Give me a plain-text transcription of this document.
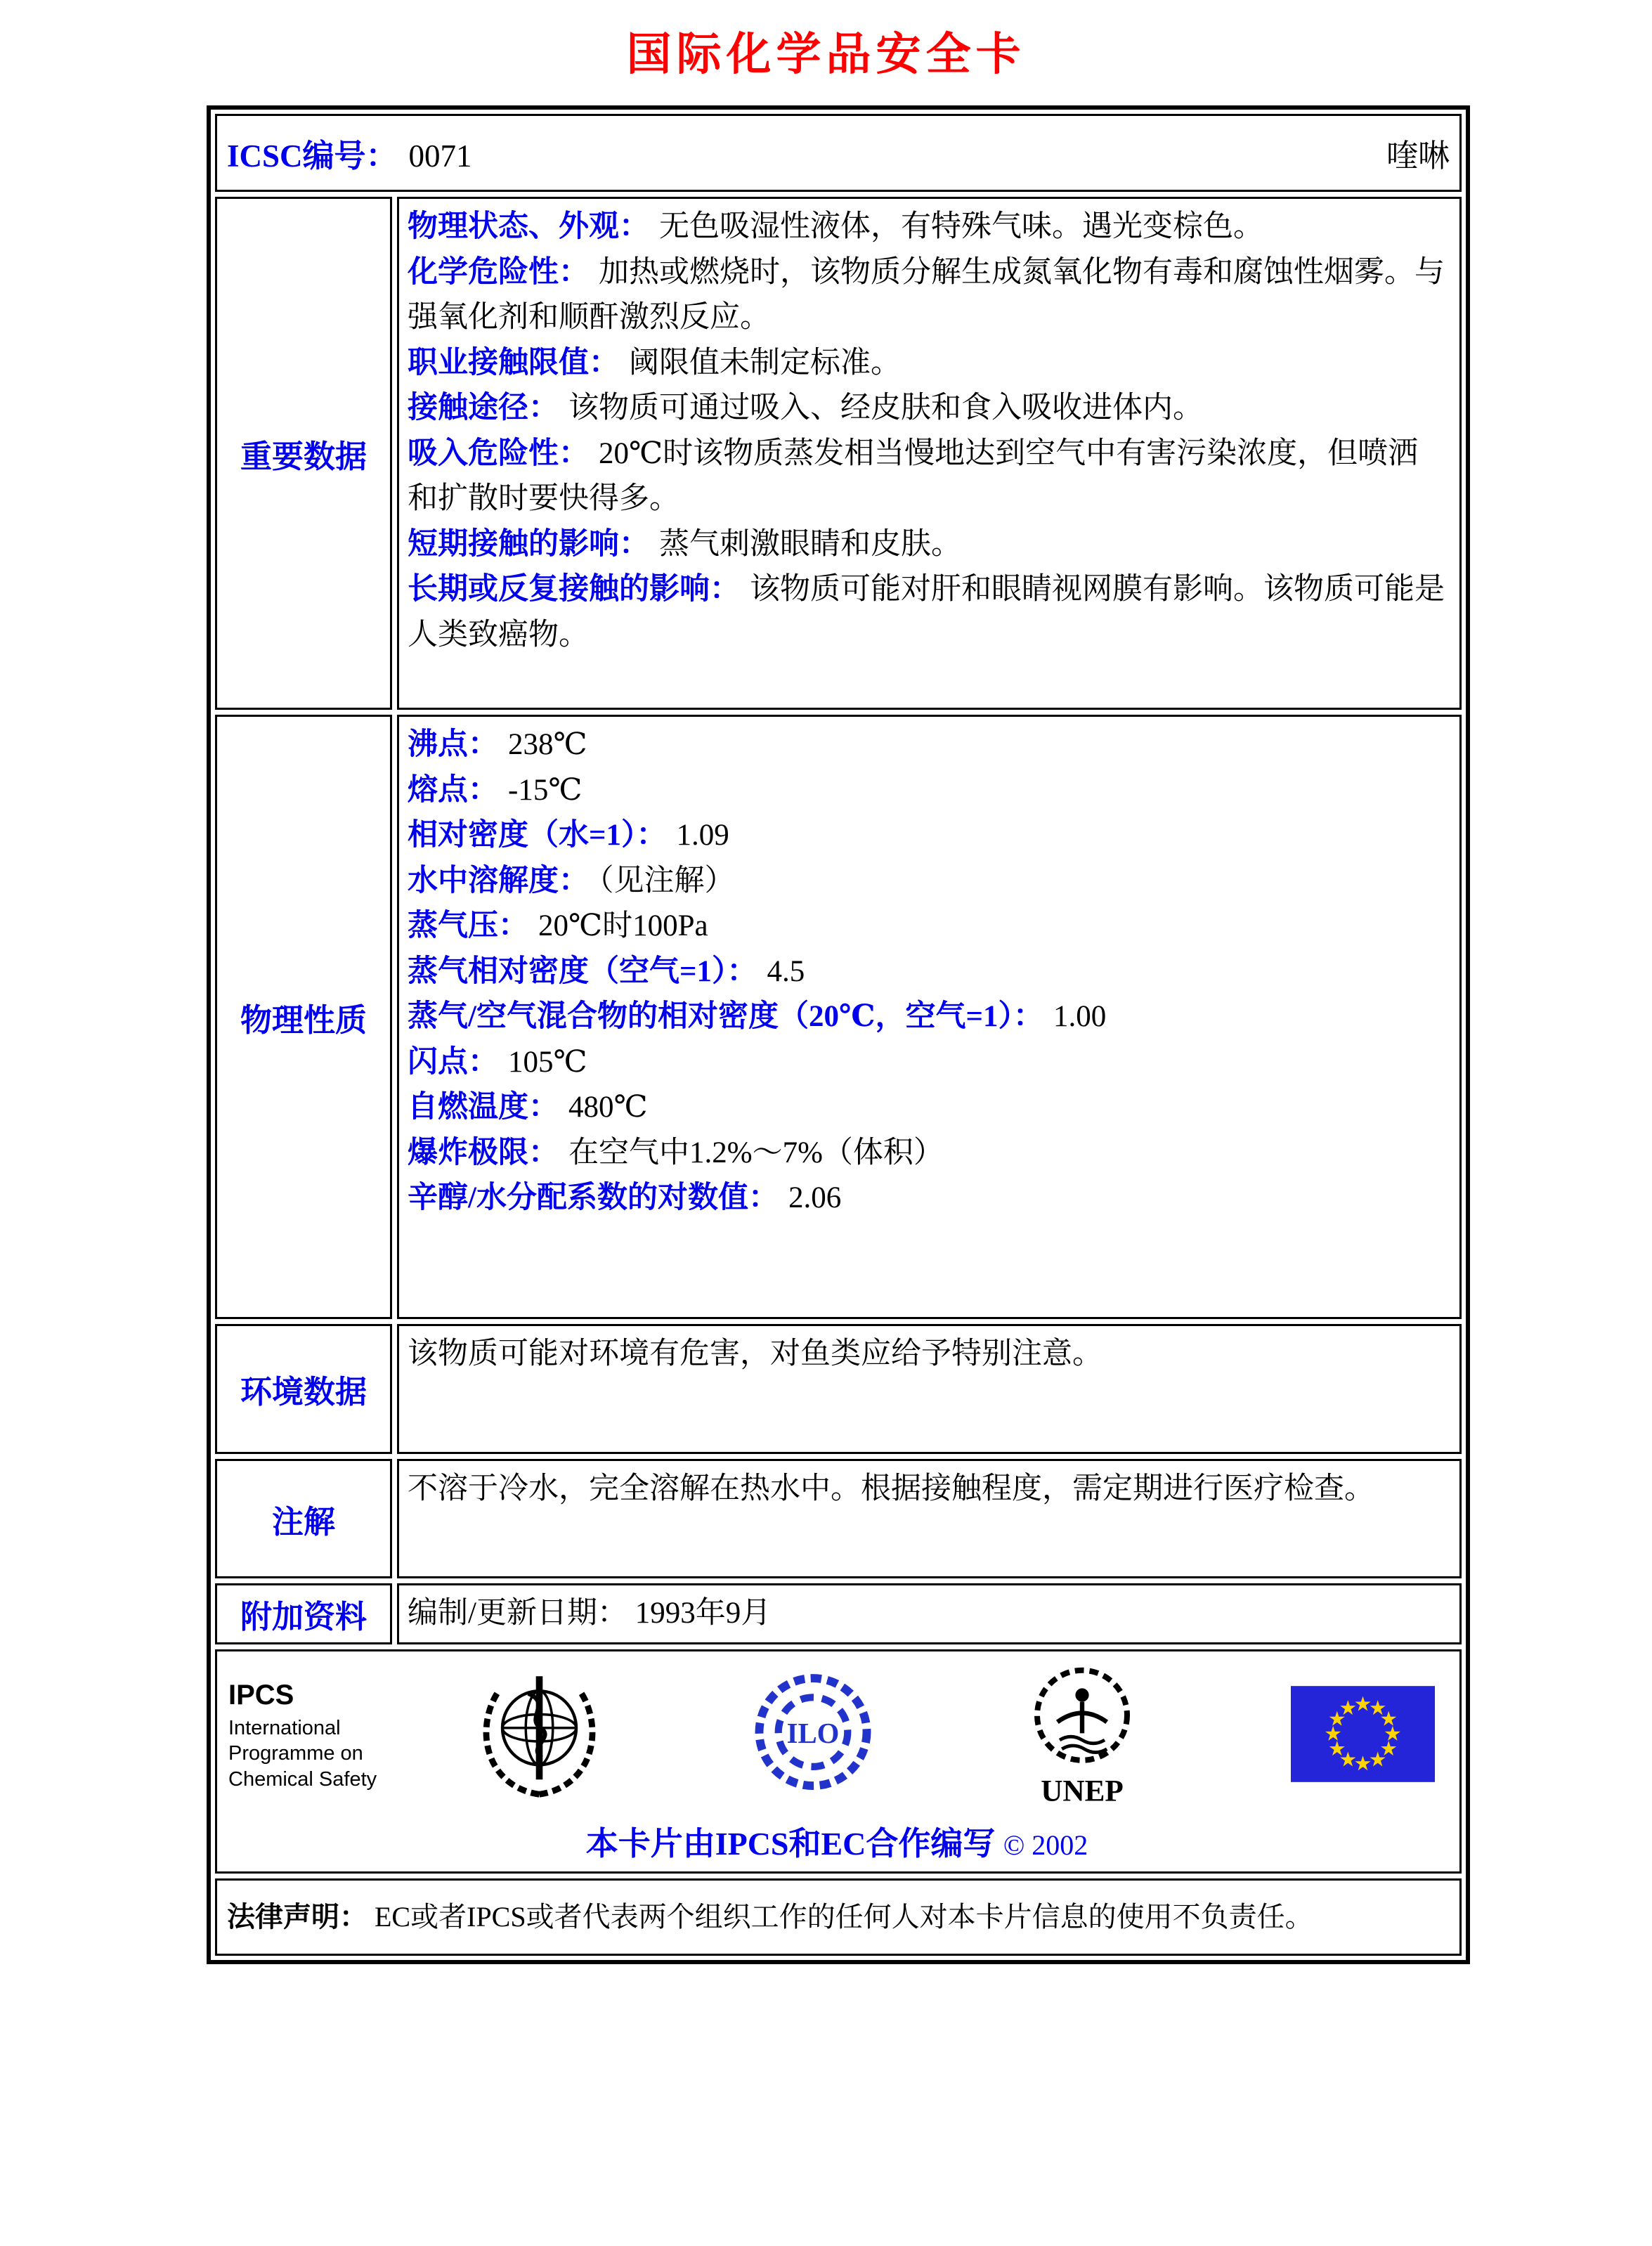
国际化学品安全卡
ICSC编号： 0071	喹啉
重要数据
物理状态、外观： 无色吸湿性液体，有特殊气味。遇光变棕色。
化学危险性： 加热或燃烧时，该物质分解生成氮氧化物有毒和腐蚀性烟雾。与强氧化剂和顺酐激烈反应。
职业接触限值： 阈限值未制定标准。
接触途径： 该物质可通过吸入、经皮肤和食入吸收进体内。
吸入危险性： 20℃时该物质蒸发相当慢地达到空气中有害污染浓度，但喷洒和扩散时要快得多。
短期接触的影响： 蒸气刺激眼睛和皮肤。
长期或反复接触的影响： 该物质可能对肝和眼睛视网膜有影响。该物质可能是人类致癌物。
物理性质
沸点： 238℃
熔点： -15℃
相对密度（水=1）： 1.09
水中溶解度： （见注解）
蒸气压： 20℃时100Pa
蒸气相对密度（空气=1）： 4.5
蒸气/空气混合物的相对密度（20℃，空气=1）： 1.00
闪点： 105℃
自燃温度： 480℃
爆炸极限： 在空气中1.2%～7%（体积）
辛醇/水分配系数的对数值： 2.06
环境数据
该物质可能对环境有危害，对鱼类应给予特别注意。
注解
不溶于冷水，完全溶解在热水中。根据接触程度，需定期进行医疗检查。
附加资料	编制/更新日期： 1993年9月
IPCS
International
Programme on
Chemical Safety
ILO
UNEP
本卡片由IPCS和EC合作编写 © 2002
法律声明： EC或者IPCS或者代表两个组织工作的任何人对本卡片信息的使用不负责任。
